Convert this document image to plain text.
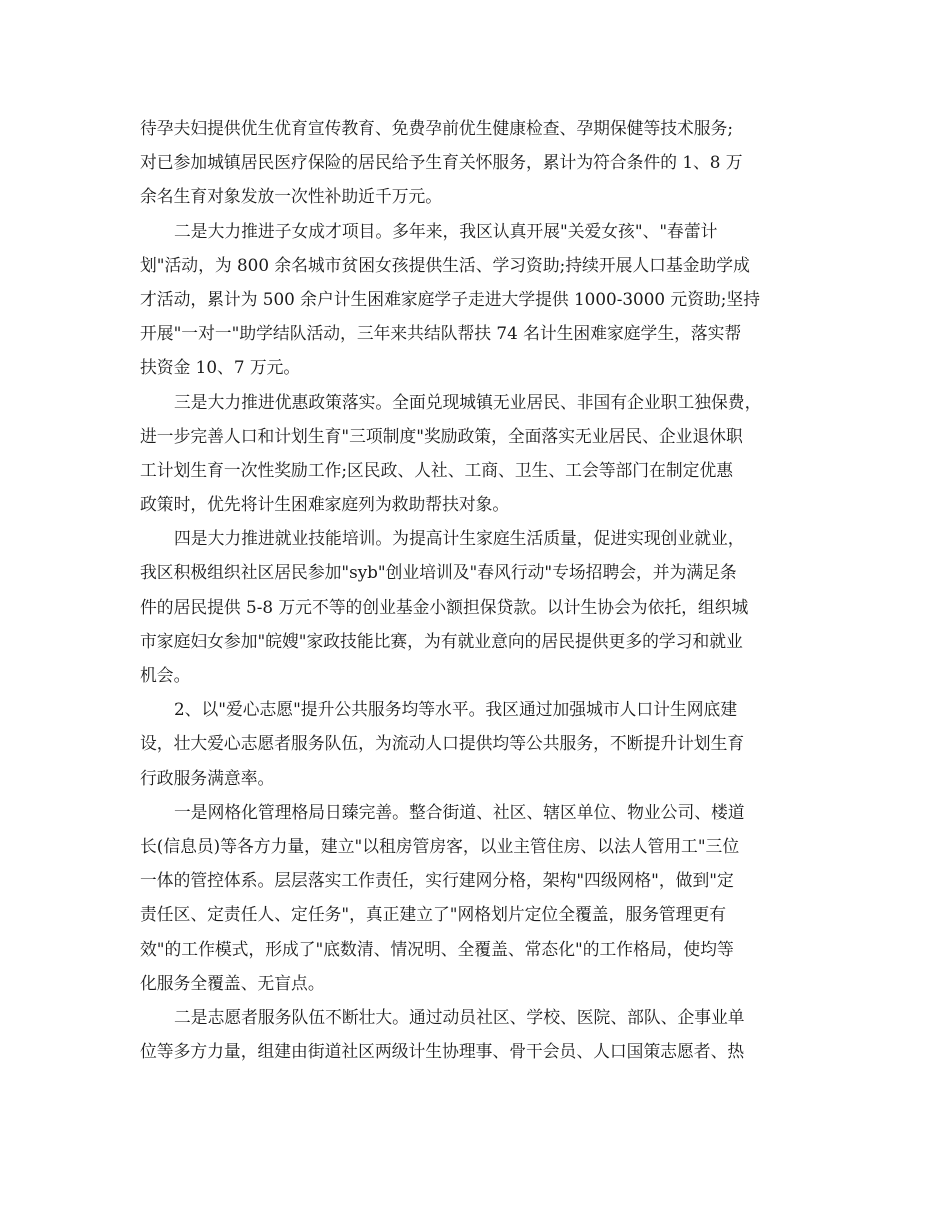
待孕夫妇提供优生优育宣传教育、免费孕前优生健康检查、孕期保健等技术服务;
对已参加城镇居民医疗保险的居民给予生育关怀服务，累计为符合条件的 1、8 万
余名生育对象发放一次性补助近千万元。
二是大力推进子女成才项目。多年来，我区认真开展"关爱女孩"、"春蕾计
划"活动，为 800 余名城市贫困女孩提供生活、学习资助;持续开展人口基金助学成
才活动，累计为 500 余户计生困难家庭学子走进大学提供 1000-3000 元资助;坚持
开展"一对一"助学结队活动，三年来共结队帮扶 74 名计生困难家庭学生，落实帮
扶资金 10、7 万元。
三是大力推进优惠政策落实。全面兑现城镇无业居民、非国有企业职工独保费，
进一步完善人口和计划生育"三项制度"奖励政策，全面落实无业居民、企业退休职
工计划生育一次性奖励工作;区民政、人社、工商、卫生、工会等部门在制定优惠
政策时，优先将计生困难家庭列为救助帮扶对象。
四是大力推进就业技能培训。为提高计生家庭生活质量，促进实现创业就业，
我区积极组织社区居民参加"syb"创业培训及"春风行动"专场招聘会，并为满足条
件的居民提供 5-8 万元不等的创业基金小额担保贷款。以计生协会为依托，组织城
市家庭妇女参加"皖嫂"家政技能比赛，为有就业意向的居民提供更多的学习和就业
机会。
2、以"爱心志愿"提升公共服务均等水平。我区通过加强城市人口计生网底建
设，壮大爱心志愿者服务队伍，为流动人口提供均等公共服务，不断提升计划生育
行政服务满意率。
一是网格化管理格局日臻完善。整合街道、社区、辖区单位、物业公司、楼道
长(信息员)等各方力量，建立"以租房管房客，以业主管住房、以法人管用工"三位
一体的管控体系。层层落实工作责任，实行建网分格，架构"四级网格"，做到"定
责任区、定责任人、定任务"，真正建立了"网格划片定位全覆盖，服务管理更有
效"的工作模式，形成了"底数清、情况明、全覆盖、常态化"的工作格局，使均等
化服务全覆盖、无盲点。
二是志愿者服务队伍不断壮大。通过动员社区、学校、医院、部队、企事业单
位等多方力量，组建由街道社区两级计生协理事、骨干会员、人口国策志愿者、热
